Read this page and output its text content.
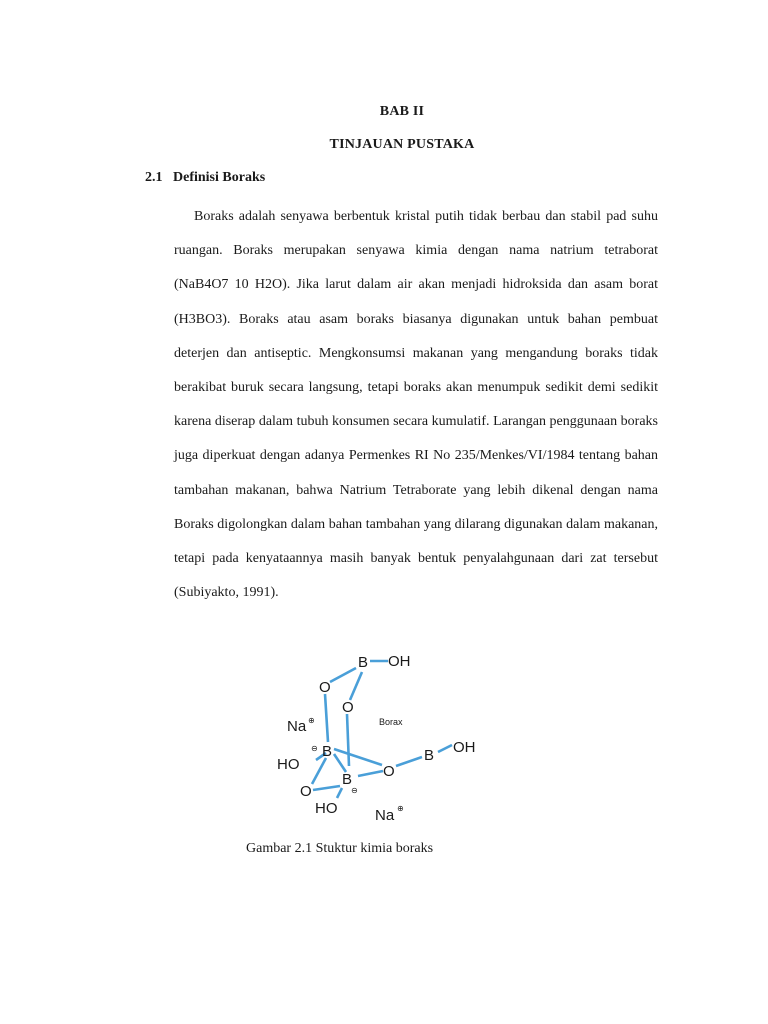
BAB II
TINJAUAN PUSTAKA
2.1 Definisi Boraks

Boraks adalah senyawa berbentuk kristal putih tidak berbau dan stabil pad suhu ruangan. Boraks merupakan senyawa kimia dengan nama natrium tetraborat (NaB4O7 10 H2O). Jika larut dalam air akan menjadi hidroksida dan asam borat (H3BO3). Boraks atau asam boraks biasanya digunakan untuk bahan pembuat deterjen dan antiseptic. Mengkonsumsi makanan yang mengandung boraks tidak berakibat buruk secara langsung, tetapi boraks akan menumpuk sedikit demi sedikit karena diserap dalam tubuh konsumen secara kumulatif. Larangan penggunaan boraks juga diperkuat dengan adanya Permenkes RI No 235/Menkes/VI/1984 tentang bahan tambahan makanan, bahwa Natrium Tetraborate yang lebih dikenal dengan nama Boraks digolongkan dalam bahan tambahan yang dilarang digunakan dalam makanan, tetapi pada kenyataannya masih banyak bentuk penyalahgunaan dari zat tersebut (Subiyakto, 1991).

B OH
O
O
Na ⊕	Borax
⊖ B
HO
B
⊖
O
B OH
O
HO	Na ⊕
Gambar 2.1 Stuktur kimia boraks
